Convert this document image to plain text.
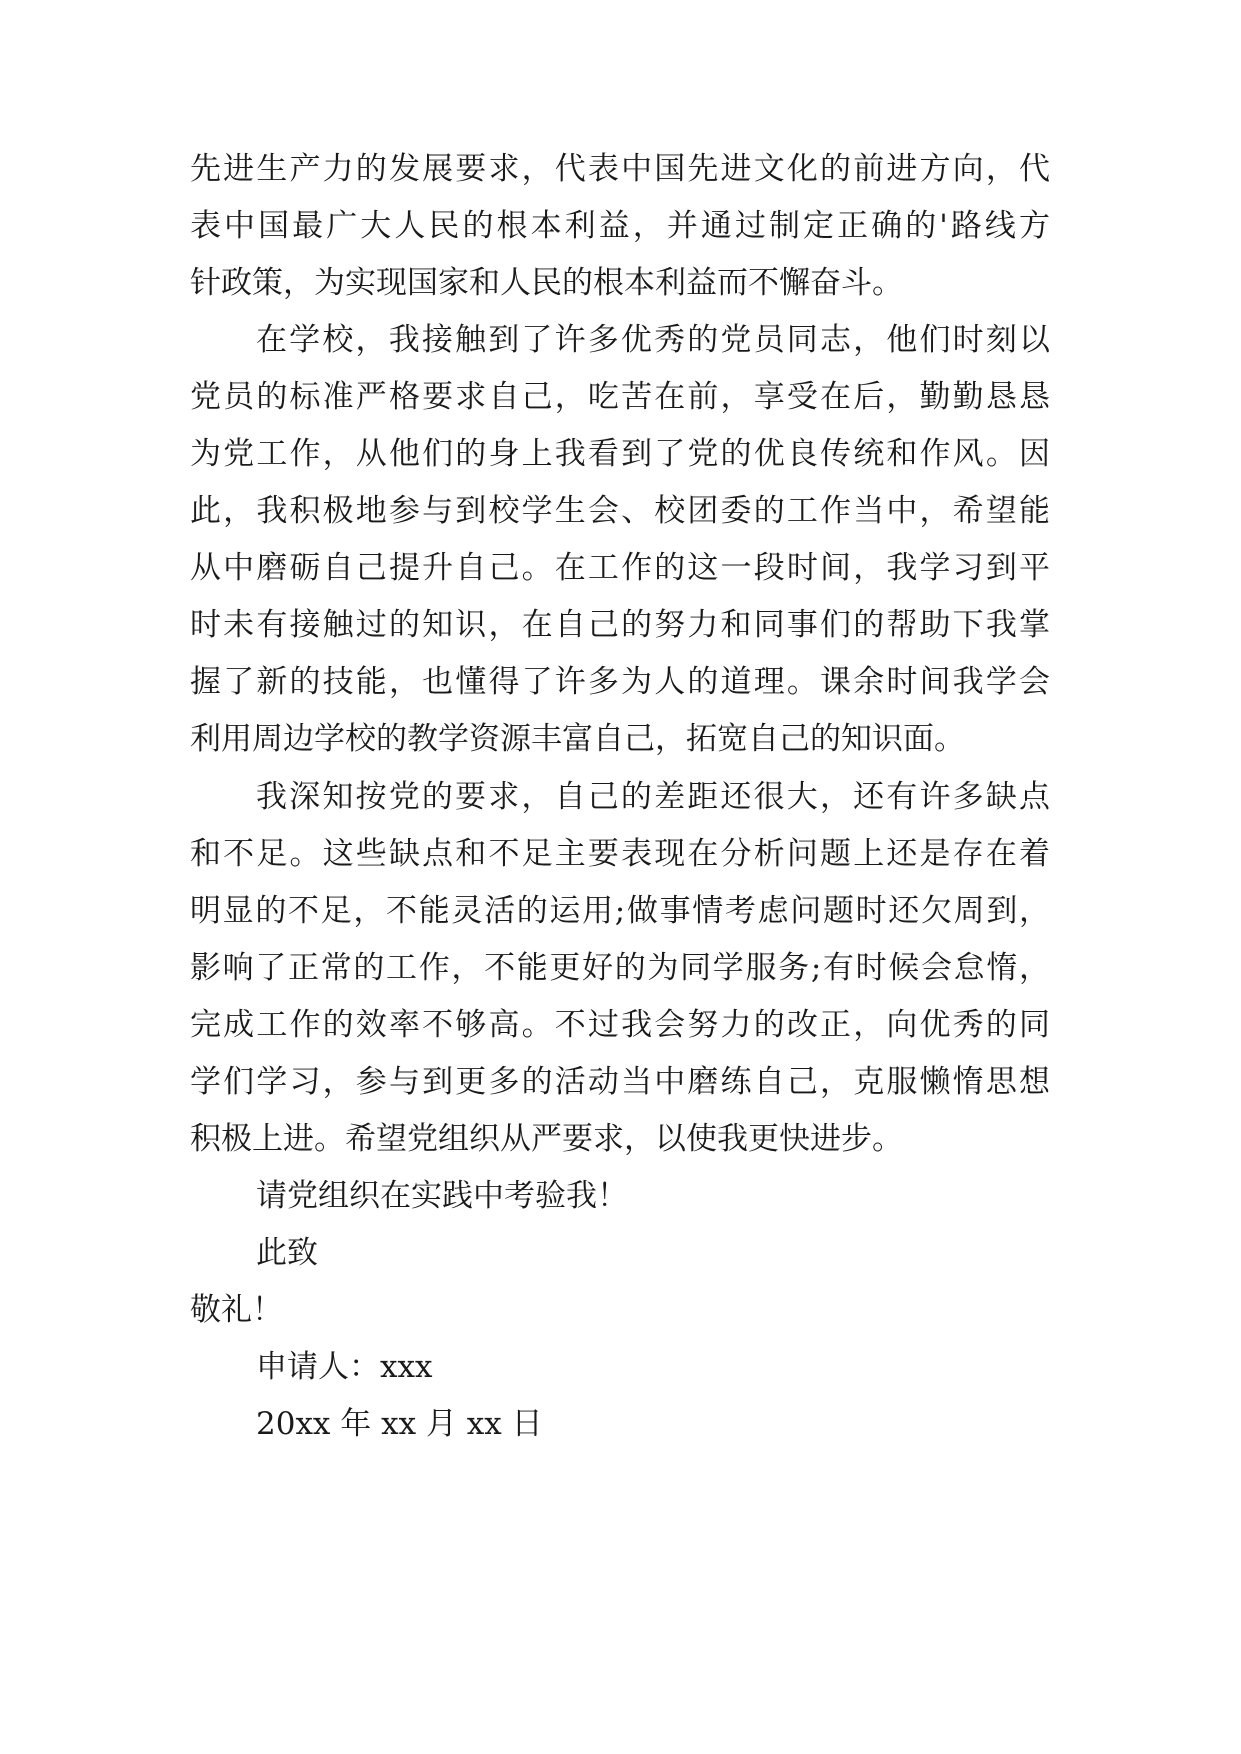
先进生产力的发展要求，代表中国先进文化的前进方向，代
表中国最广大人民的根本利益，并通过制定正确的'路线方
针政策，为实现国家和人民的根本利益而不懈奋斗。
在学校，我接触到了许多优秀的党员同志，他们时刻以
党员的标准严格要求自己，吃苦在前，享受在后，勤勤恳恳
为党工作，从他们的身上我看到了党的优良传统和作风。因
此，我积极地参与到校学生会、校团委的工作当中，希望能
从中磨砺自己提升自己。在工作的这一段时间，我学习到平
时未有接触过的知识，在自己的努力和同事们的帮助下我掌
握了新的技能，也懂得了许多为人的道理。课余时间我学会
利用周边学校的教学资源丰富自己，拓宽自己的知识面。
我深知按党的要求，自己的差距还很大，还有许多缺点
和不足。这些缺点和不足主要表现在分析问题上还是存在着
明显的不足，不能灵活的运用;做事情考虑问题时还欠周到，
影响了正常的工作，不能更好的为同学服务;有时候会怠惰，
完成工作的效率不够高。不过我会努力的改正，向优秀的同
学们学习，参与到更多的活动当中磨练自己，克服懒惰思想
积极上进。希望党组织从严要求，以使我更快进步。
请党组织在实践中考验我！
此致
敬礼！
申请人：xxx
20xx 年 xx 月 xx 日
